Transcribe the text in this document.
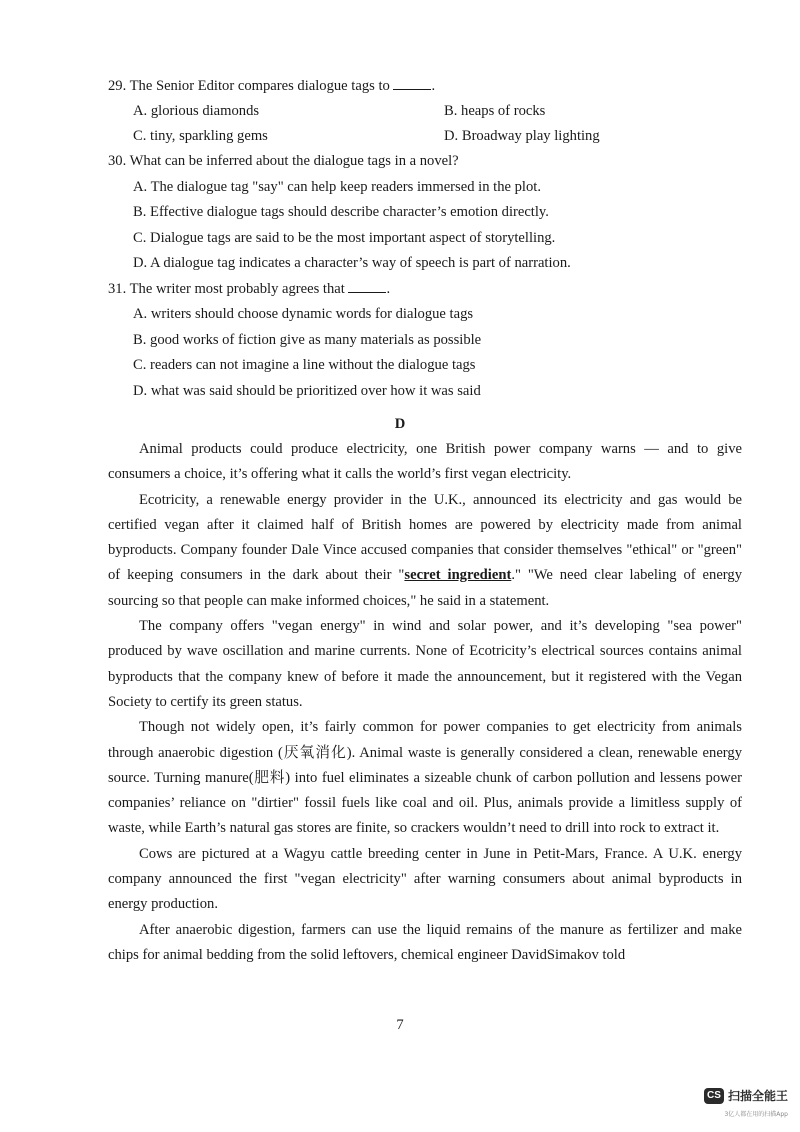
29. The Senior Editor compares dialogue tags to	.
A. glorious diamonds	B. heaps of rocks
C. tiny, sparkling gems	D. Broadway play lighting
30. What can be inferred about the dialogue tags in a novel?
A. The dialogue tag "say" can help keep readers immersed in the plot.
B. Effective dialogue tags should describe character’s emotion directly.
C. Dialogue tags are said to be the most important aspect of storytelling.
D. A dialogue tag indicates a character’s way of speech is part of narration.
31. The writer most probably agrees that	.
A. writers should choose dynamic words for dialogue tags
B. good works of fiction give as many materials as possible
C. readers can not imagine a line without the dialogue tags
D. what was said should be prioritized over how it was said
D

Animal products could produce electricity, one British power company warns — and to give consumers a choice, it’s offering what it calls the world’s first vegan electricity.

Ecotricity, a renewable energy provider in the U.K., announced its electricity and gas would be certified vegan after it claimed half of British homes are powered by electricity made from animal byproducts. Company founder Dale Vince accused companies that consider themselves "ethical" or "green" of keeping consumers in the dark about their "secret ingredient." "We need clear labeling of energy sourcing so that people can make informed choices," he said in a statement.

The company offers "vegan energy" in wind and solar power, and it’s developing "sea power" produced by wave oscillation and marine currents. None of Ecotricity’s electrical sources contains animal byproducts that the company knew of before it made the announcement, but it registered with the Vegan Society to certify its green status.

Though not widely open, it’s fairly common for power companies to get electricity from animals through anaerobic digestion (厌氧消化). Animal waste is generally considered a clean, renewable energy source. Turning manure(肥料) into fuel eliminates a sizeable chunk of carbon pollution and lessens power companies’ reliance on "dirtier" fossil fuels like coal and oil. Plus, animals provide a limitless supply of waste, while Earth’s natural gas stores are finite, so crackers wouldn’t need to drill into rock to extract it.

Cows are pictured at a Wagyu cattle breeding center in June in Petit-Mars, France. A U.K. energy company announced the first "vegan electricity" after warning consumers about animal byproducts in energy production.

After anaerobic digestion, farmers can use the liquid remains of the manure as fertilizer and make chips for animal bedding from the solid leftovers, chemical engineer DavidSimakov told

7
CS 扫描全能王
3亿人都在用的扫描App
